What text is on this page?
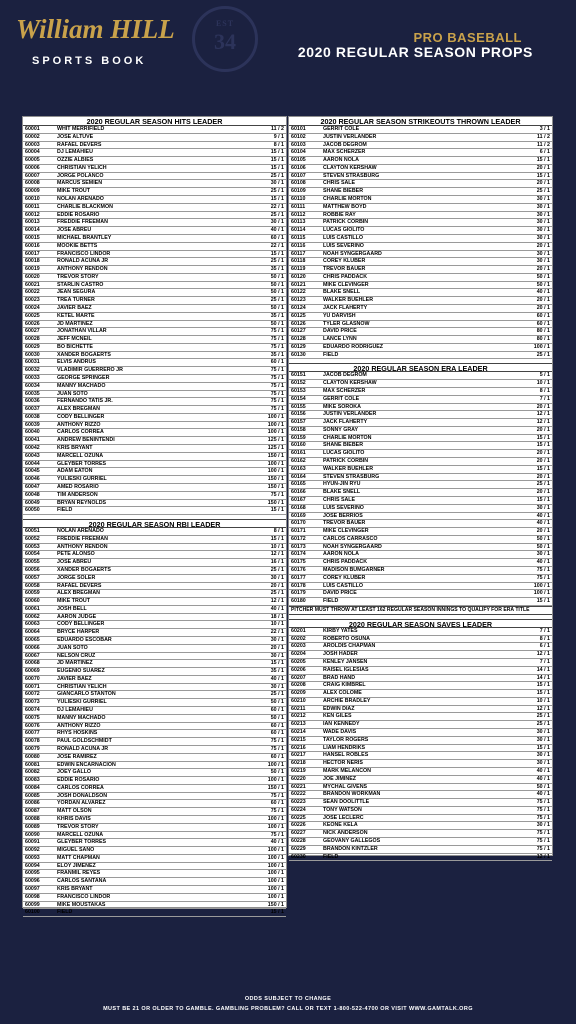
William HILL
SPORTS BOOK
EST
34	PRO BASEBALL
2020 REGULAR SEASON PROPS
2020 REGULAR SEASON HITS LEADER
60001	WHIT MERRIFIELD	11 / 2
60002	JOSE ALTUVE	9 / 1
60003	RAFAEL DEVERS	8 / 1
60004	DJ LEMAHIEU	15 / 1
60005	OZZIE ALBIES	15 / 1
60006	CHRISTIAN YELICH	15 / 1
60007	JORGE POLANCO	25 / 1
60008	MARCUS SEMIEN	30 / 1
60009	MIKE TROUT	25 / 1
60010	NOLAN ARENADO	15 / 1
60011	CHARLIE BLACKMON	22 / 1
60012	EDDIE ROSARIO	25 / 1
60013	FREDDIE FREEMAN	30 / 1
60014	JOSE ABREU	40 / 1
60015	MICHAEL BRANTLEY	60 / 1
60016	MOOKIE BETTS	22 / 1
60017	FRANCISCO LINDOR	15 / 1
60018	RONALD ACUNA JR	25 / 1
60019	ANTHONY RENDON	35 / 1
60020	TREVOR STORY	50 / 1
60021	STARLIN CASTRO	50 / 1
60022	JEAN SEGURA	50 / 1
60023	TREA TURNER	25 / 1
60024	JAVIER BAEZ	50 / 1
60025	KETEL MARTE	35 / 1
60026	JD MARTINEZ	50 / 1
60027	JONATHAN VILLAR	75 / 1
60028	JEFF MCNEIL	75 / 1
60029	BO BICHETTE	75 / 1
60030	XANDER BOGAERTS	35 / 1
60031	ELVIS ANDRUS	60 / 1
60032	VLADIMIR GUERRERO JR	75 / 1
60033	GEORGE SPRINGER	75 / 1
60034	MANNY MACHADO	75 / 1
60035	JUAN SOTO	75 / 1
60036	FERNANDO TATIS JR.	75 / 1
60037	ALEX BREGMAN	75 / 1
60038	CODY BELLINGER	100 / 1
60039	ANTHONY RIZZO	100 / 1
60040	CARLOS CORREA	100 / 1
60041	ANDREW BENINTENDI	125 / 1
60042	KRIS BRYANT	125 / 1
60043	MARCELL OZUNA	150 / 1
60044	GLEYBER TORRES	100 / 1
60045	ADAM EATON	100 / 1
60046	YULIESKI GURRIEL	150 / 1
60047	AMED ROSARIO	150 / 1
60048	TIM ANDERSON	75 / 1
60049	BRYAN REYNOLDS	150 / 1
60050	FIELD	15 / 1
2020 REGULAR SEASON RBI LEADER
60051	NOLAN ARENADO	8 / 1
60052	FREDDIE FREEMAN	15 / 1
60053	ANTHONY RENDON	10 / 1
60054	PETE ALONSO	12 / 1
60055	JOSE ABREU	16 / 1
60056	XANDER BOGAERTS	25 / 1
60057	JORGE SOLER	30 / 1
60058	RAFAEL DEVERS	20 / 1
60059	ALEX BREGMAN	25 / 1
60060	MIKE TROUT	12 / 1
60061	JOSH BELL	40 / 1
60062	AARON JUDGE	18 / 1
60063	CODY BELLINGER	10 / 1
60064	BRYCE HARPER	22 / 1
60065	EDUARDO ESCOBAR	30 / 1
60066	JUAN SOTO	20 / 1
60067	NELSON CRUZ	30 / 1
60068	JD MARTINEZ	15 / 1
60069	EUGENIO SUAREZ	35 / 1
60070	JAVIER BAEZ	40 / 1
60071	CHRISTIAN YELICH	30 / 1
60072	GIANCARLO STANTON	25 / 1
60073	YULIESKI GURRIEL	50 / 1
60074	DJ LEMAHIEU	60 / 1
60075	MANNY MACHADO	50 / 1
60076	ANTHONY RIZZO	60 / 1
60077	RHYS HOSKINS	60 / 1
60078	PAUL GOLDSCHMIDT	75 / 1
60079	RONALD ACUNA JR	75 / 1
60080	JOSE RAMIREZ	60 / 1
60081	EDWIN ENCARNACION	100 / 1
60082	JOEY GALLO	50 / 1
60083	EDDIE ROSARIO	100 / 1
60084	CARLOS CORREA	150 / 1
60085	JOSH DONALDSON	75 / 1
60086	YORDAN ALVAREZ	60 / 1
60087	MATT OLSON	75 / 1
60088	KHRIS DAVIS	100 / 1
60089	TREVOR STORY	100 / 1
60090	MARCELL OZUNA	75 / 1
60091	GLEYBER TORRES	40 / 1
60092	MIGUEL SANO	100 / 1
60093	MATT CHAPMAN	100 / 1
60094	ELOY JIMENEZ	100 / 1
60095	FRANMIL REYES	100 / 1
60096	CARLOS SANTANA	100 / 1
60097	KRIS BRYANT	100 / 1
60098	FRANCISCO LINDOR	100 / 1
60099	MIKE MOUSTAKAS	150 / 1
60100	FIELD	15 / 1
2020 REGULAR SEASON STRIKEOUTS THROWN LEADER
60101	GERRIT COLE	3 / 1
60102	JUSTIN VERLANDER	11 / 2
60103	JACOB DEGROM	11 / 2
60104	MAX SCHERZER	6 / 1
60105	AARON NOLA	15 / 1
60106	CLAYTON KERSHAW	20 / 1
60107	STEVEN STRASBURG	15 / 1
60108	CHRIS SALE	20 / 1
60109	SHANE BIEBER	25 / 1
60110	CHARLIE MORTON	30 / 1
60111	MATTHEW BOYD	30 / 1
60112	ROBBIE RAY	30 / 1
60113	PATRICK CORBIN	30 / 1
60114	LUCAS GIOLITO	30 / 1
60115	LUIS CASTILLO	30 / 1
60116	LUIS SEVERINO	20 / 1
60117	NOAH SYNGERGAARD	30 / 1
60118	COREY KLUBER	30 / 1
60119	TREVOR BAUER	20 / 1
60120	CHRIS PADDACK	50 / 1
60121	MIKE CLEVINGER	50 / 1
60122	BLAKE SNELL	40 / 1
60123	WALKER BUEHLER	20 / 1
60124	JACK FLAHERTY	20 / 1
60125	YU DARVISH	60 / 1
60126	TYLER GLASNOW	60 / 1
60127	DAVID PRICE	80 / 1
60128	LANCE LYNN	80 / 1
60129	EDUARDO RODRIGUEZ	100 / 1
60130	FIELD	25 / 1
2020 REGULAR SEASON ERA LEADER
60151	JACOB DEGROM	5 / 1
60152	CLAYTON KERSHAW	10 / 1
60153	MAX SCHERZER	8 / 1
60154	GERRIT COLE	7 / 1
60155	MIKE SOROKA	20 / 1
60156	JUSTIN VERLANDER	12 / 1
60157	JACK FLAHERTY	12 / 1
60158	SONNY GRAY	20 / 1
60159	CHARLIE MORTON	15 / 1
60160	SHANE BIEBER	15 / 1
60161	LUCAS GIOLITO	20 / 1
60162	PATRICK CORBIN	20 / 1
60163	WALKER BUEHLER	15 / 1
60164	STEVEN STRASBURG	20 / 1
60165	HYUN-JIN RYU	25 / 1
60166	BLAKE SNELL	20 / 1
60167	CHRIS SALE	15 / 1
60168	LUIS SEVERINO	30 / 1
60169	JOSE BERRIOS	40 / 1
60170	TREVOR BAUER	40 / 1
60171	MIKE CLEVINGER	20 / 1
60172	CARLOS CARRASCO	50 / 1
60173	NOAH SYNGERGAARD	50 / 1
60174	AARON NOLA	30 / 1
60175	CHRIS PADDACK	40 / 1
60176	MADISON BUMGARNER	75 / 1
60177	COREY KLUBER	75 / 1
60178	LUIS CASTILLO	100 / 1
60179	DAVID PRICE	100 / 1
60180	FIELD	15 / 1
PITCHER MUST THROW AT LEAST 162 REGULAR SEASON INNINGS TO QUALIFY FOR ERA TITLE
2020 REGULAR SEASON SAVES LEADER
60201	KIRBY YATES	7 / 1
60202	ROBERTO OSUNA	8 / 1
60203	AROLDIS CHAPMAN	6 / 1
60204	JOSH HADER	12 / 1
60205	KENLEY JANSEN	7 / 1
60206	RAISEL IGLESIAS	14 / 1
60207	BRAD HAND	14 / 1
60208	CRAIG KIMBREL	15 / 1
60209	ALEX COLOME	15 / 1
60210	ARCHIE BRADLEY	10 / 1
60211	EDWIN DIAZ	12 / 1
60212	KEN GILES	25 / 1
60213	IAN KENNEDY	25 / 1
60214	WADE DAVIS	30 / 1
60215	TAYLOR ROGERS	30 / 1
60216	LIAM HENDRIKS	15 / 1
60217	HANSEL ROBLES	30 / 1
60218	HECTOR NERIS	30 / 1
60219	MARK MELANCON	40 / 1
60220	JOE JIMINEZ	40 / 1
60221	MYCHAL GIVENS	50 / 1
60222	BRANDON WORKMAN	40 / 1
60223	SEAN DOOLITTLE	75 / 1
60224	TONY WATSON	75 / 1
60225	JOSE LECLERC	75 / 1
60226	KEONE KELA	30 / 1
60227	NICK ANDERSON	75 / 1
60228	GEOVANY GALLEGOS	75 / 1
60229	BRANDON KINTZLER	75 / 1
60230	FIELD	12 / 1
ODDS SUBJECT TO CHANGE
MUST BE 21 OR OLDER TO GAMBLE. GAMBLING PROBLEM? CALL OR TEXT 1-800-522-4700 OR VISIT WWW.GAMTALK.ORG
